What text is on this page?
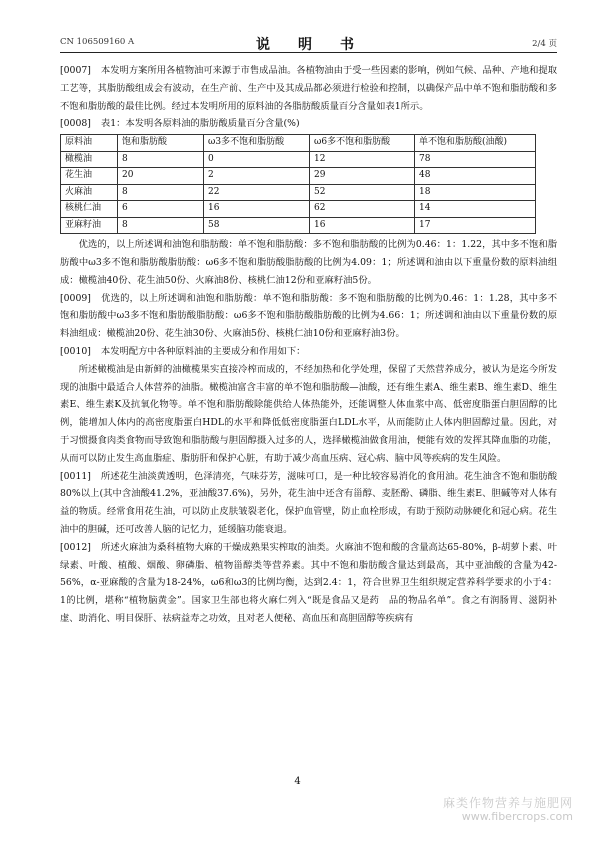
CN 106509160 A	说　明　书	2/4 页

[0007] 本发明方案所用各植物油可来源于市售成品油。各植物油由于受一些因素的影响，例如气候、品种、产地和提取工艺等，其脂肪酸组成会有波动，在生产前、生产中及其成品都必须进行检验和控制，以确保产品中单不饱和脂肪酸和多不饱和脂肪酸的最佳比例。经过本发明所用的原料油的各脂肪酸质量百分含量如表1所示。

[0008] 表1：本发明各原料油的脂肪酸质量百分含量(%)

原料油	饱和脂肪酸	ω3多不饱和脂肪酸	ω6多不饱和脂肪酸	单不饱和脂肪酸(油酸)
橄榄油	8	0	12	78
花生油	20	2	29	48
火麻油	8	22	52	18
核桃仁油	6	16	62	14
亚麻籽油	8	58	16	17

优选的，以上所述调和油饱和脂肪酸：单不饱和脂肪酸：多不饱和脂肪酸的比例为0.46：1：1.22，其中多不饱和脂肪酸中ω3多不饱和脂肪酸脂肪酸：ω6多不饱和脂肪酸脂肪酸的比例为4.09：1；所述调和油由以下重量份数的原料油组成：橄榄油40份、花生油50份、火麻油8份、核桃仁油12份和亚麻籽油5份。

[0009] 优选的，以上所述调和油饱和脂肪酸：单不饱和脂肪酸：多不饱和脂肪酸的比例为0.46：1：1.28，其中多不饱和脂肪酸中ω3多不饱和脂肪酸脂肪酸：ω6多不饱和脂肪酸脂肪酸的比例为4.66：1；所述调和油由以下重量份数的原料油组成：橄榄油20份、花生油30份、火麻油5份、核桃仁油10份和亚麻籽油3份。

[0010] 本发明配方中各种原料油的主要成分和作用如下：

所述橄榄油是由新鲜的油橄榄果实直接冷榨而成的，不经加热和化学处理，保留了天然营养成分，被认为是迄今所发现的油脂中最适合人体营养的油脂。橄榄油富含丰富的单不饱和脂肪酸—油酸，还有维生素A、维生素B、维生素D、维生素E、维生素K及抗氧化物等。单不饱和脂肪酸除能供给人体热能外，还能调整人体血浆中高、低密度脂蛋白胆固醇的比例，能增加人体内的高密度脂蛋白HDL的水平和降低低密度脂蛋白LDL水平，从而能防止人体内胆固醇过量。因此，对于习惯摄食肉类食物而导致饱和脂肪酸与胆固醇摄入过多的人，选择橄榄油做食用油，便能有效的发挥其降血脂的功能，从而可以防止发生高血脂症、脂肪肝和保护心脏，有助于减少高血压病、冠心病、脑中风等疾病的发生风险。

[0011] 所述花生油淡黄透明，色泽清亮，气味芬芳，滋味可口，是一种比较容易消化的食用油。花生油含不饱和脂肪酸80%以上(其中含油酸41.2%，亚油酸37.6%)，另外，花生油中还含有甾醇、麦胚酚、磷脂、维生素E、胆碱等对人体有益的物质。经常食用花生油，可以防止皮肤皱裂老化，保护血管壁，防止血栓形成，有助于预防动脉硬化和冠心病。花生油中的胆碱，还可改善人脑的记忆力，延缓脑功能衰退。

[0012] 所述火麻油为桑科植物大麻的干燥成熟果实榨取的油类。火麻油不饱和酸的含量高达65-80%，β-胡萝卜素、叶绿素、叶酸、植酸、烟酸、卵磷脂、植物甾醇类等营养素。其中不饱和脂肪酸含量达到最高，其中亚油酸的含量为42-56%，α-亚麻酸的含量为18-24%，ω6和ω3的比例均衡，达到2.4：1，符合世界卫生组织规定营养科学要求的小于4：1的比例，堪称“植物脑黄金”。国家卫生部也将火麻仁列入“既是食品又是药　品的物品名单”。食之有润肠胃、滋阴补虚、助消化、明目保肝、祛病益寿之功效，且对老人便秘、高血压和高胆固醇等疾病有

4
麻类作物营养与施肥网
www.fibercrops.com
